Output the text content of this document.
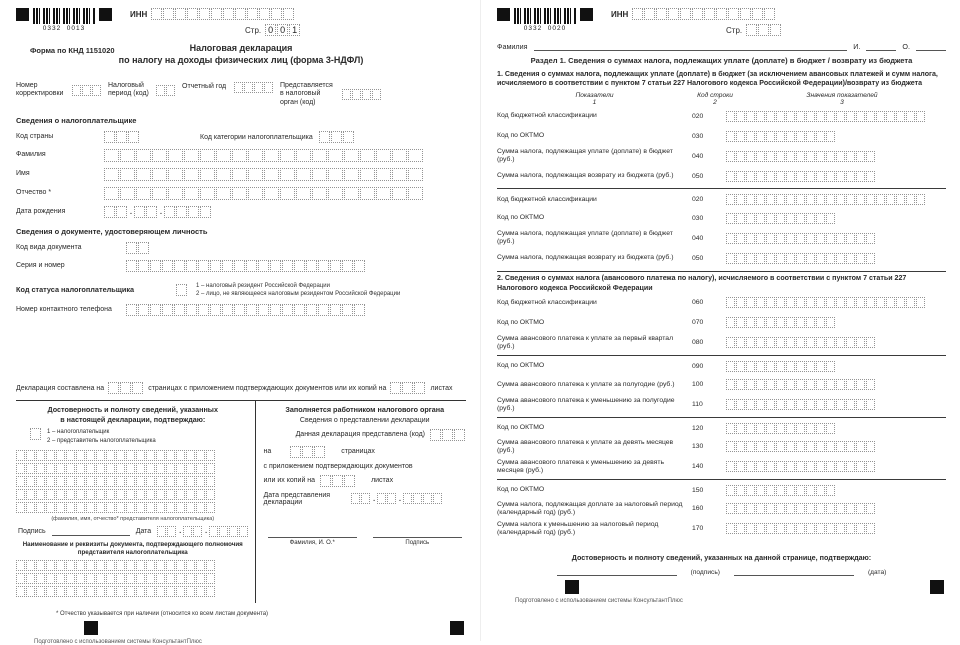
0332  0013
ИНН
Стр. 0 0 1
Форма по КНД 1151020	Налоговая декларация
по налогу на доходы физических лиц (форма 3-НДФЛ)
Номер корректировки
Налоговый период (код)
Отчетный год	Представляется в налоговый орган (код)
Сведения о налогоплательщике
Код страны	Код категории налогоплательщика
Фамилия
Имя
Отчество *
Дата рождения	.	.
Сведения о документе, удостоверяющем личность
Код вида документа
Серия и номер
Код статуса налогоплательщика	1 – налоговый резидент Российской Федерации
2 – лицо, не являющееся налоговым резидентом Российской Федерации
Номер контактного телефона
Декларация составлена на	страницах с приложением подтверждающих документов или их копий на	листах
Достоверность и полноту сведений, указанных
в настоящей декларации, подтверждаю:
1 – налогоплательщик
2 – представитель налогоплательщика
(фамилия, имя, отчество* представителя налогоплательщика)
Подпись	Дата	.	.
Наименование и реквизиты документа, подтверждающего полномочия представителя налогоплательщика
Заполняется работником налогового органа
Сведения о представлении декларации
Данная декларация представлена (код)
на	страницах
с приложением подтверждающих документов
или их копий на	листах
Дата представления
декларации	.	.
Фамилия, И. О.*	Подпись
* Отчество указывается при наличии (относится ко всем листам документа)
Подготовлено с использованием системы КонсультантПлюс
0332  0020
ИНН
Стр.
Фамилия	И.	О.
Раздел 1. Сведения о суммах налога, подлежащих уплате (доплате) в бюджет / возврату из бюджета
1. Сведения о суммах налога, подлежащих уплате (доплате) в бюджет (за исключением авансовых платежей и сумм налога, исчисляемого в соответствии с пунктом 7 статьи 227 Налогового кодекса Российской Федерации)/возврату из бюджета
Показатели
1
Код строки
2
Значения показателей
3
Код бюджетной классификации	020
Код по ОКТМО	030
Сумма налога, подлежащая уплате (доплате) в бюджет (руб.)	040
Сумма налога, подлежащая возврату из бюджета (руб.)	050
Код бюджетной классификации	020
Код по ОКТМО	030
Сумма налога, подлежащая уплате (доплате) в бюджет (руб.)	040
Сумма налога, подлежащая возврату из бюджета (руб.)	050
2. Сведения о суммах налога (авансового платежа по налогу), исчисляемого в соответствии с пунктом 7 статьи 227 Налогового кодекса Российской Федерации
Код бюджетной классификации	060
Код по ОКТМО	070
Сумма авансового платежа к уплате за первый квартал (руб.)	080
Код по ОКТМО	090
Сумма авансового платежа к уплате за полугодие (руб.)	100
Сумма авансового платежа к уменьшению за полугодие (руб.)	110
Код по ОКТМО	120
Сумма авансового платежа к уплате за девять месяцев (руб.)	130
Сумма авансового платежа к уменьшению за девять месяцев (руб.)	140
Код по ОКТМО	150
Сумма налога, подлежащая доплате за налоговый период (календарный год) (руб.)	160
Сумма налога к уменьшению за налоговый период (календарный год) (руб.)	170
Достоверность и полноту сведений, указанных на данной странице, подтверждаю:
(подпись)	(дата)
Подготовлено с использованием системы КонсультантПлюс
